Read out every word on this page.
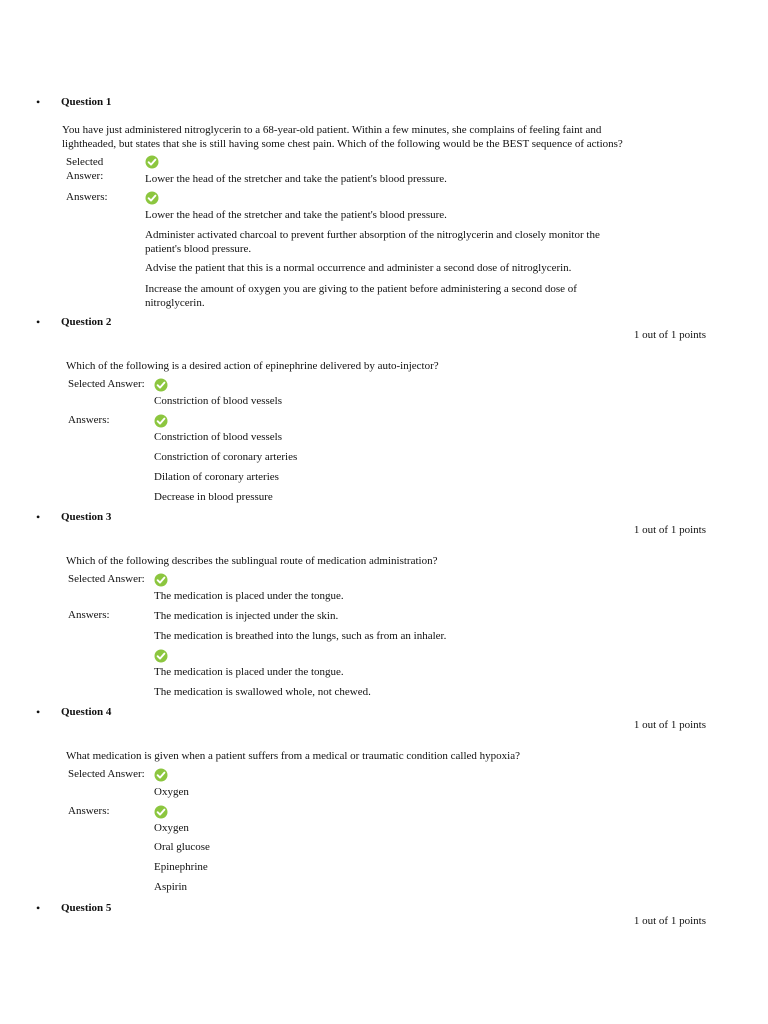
• Question 1
You have just administered nitroglycerin to a 68-year-old patient. Within a few minutes, she complains of feeling faint and lightheaded, but states that she is still having some chest pain. Which of the following would be the BEST sequence of actions?
Selected
Answer:	Lower the head of the stretcher and take the patient's blood pressure.
Answers:
Lower the head of the stretcher and take the patient's blood pressure.
Administer activated charcoal to prevent further absorption of the nitroglycerin and closely monitor the patient's blood pressure.
Advise the patient that this is a normal occurrence and administer a second dose of nitroglycerin.
Increase the amount of oxygen you are giving to the patient before administering a second dose of nitroglycerin.
• Question 2
1 out of 1 points
Which of the following is a desired action of epinephrine delivered by auto-injector?
Selected Answer:
Constriction of blood vessels
Answers:
Constriction of blood vessels
Constriction of coronary arteries
Dilation of coronary arteries
Decrease in blood pressure
• Question 3
1 out of 1 points
Which of the following describes the sublingual route of medication administration?
Selected Answer:
The medication is placed under the tongue.
Answers:	The medication is injected under the skin.
The medication is breathed into the lungs, such as from an inhaler.
The medication is placed under the tongue.
The medication is swallowed whole, not chewed.
• Question 4
1 out of 1 points
What medication is given when a patient suffers from a medical or traumatic condition called hypoxia?
Selected Answer:
Oxygen
Answers:
Oxygen
Oral glucose
Epinephrine
Aspirin
• Question 5
1 out of 1 points
